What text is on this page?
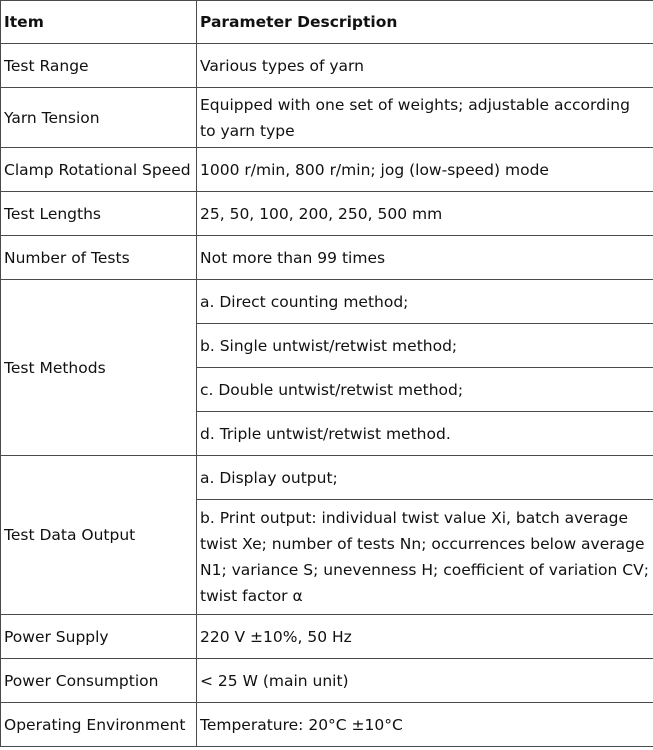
Item	Parameter Description
Test Range	Various types of yarn
Yarn Tension	Equipped with one set of weights; adjustable according to yarn type
Clamp Rotational Speed	1000 r/min, 800 r/min; jog (low-speed) mode
Test Lengths	25, 50, 100, 200, 250, 500 mm
Number of Tests	Not more than 99 times
Test Methods	a. Direct counting method;
	b. Single untwist/retwist method;
	c. Double untwist/retwist method;
	d. Triple untwist/retwist method.
Test Data Output	a. Display output;
	b. Print output: individual twist value Xi, batch average twist Xe; number of tests Nn; occurrences below average N1; variance S; unevenness H; coefficient of variation CV; twist factor α
Power Supply	220 V ±10%, 50 Hz
Power Consumption	< 25 W (main unit)
Operating Environment	Temperature: 20°C ±10°C
